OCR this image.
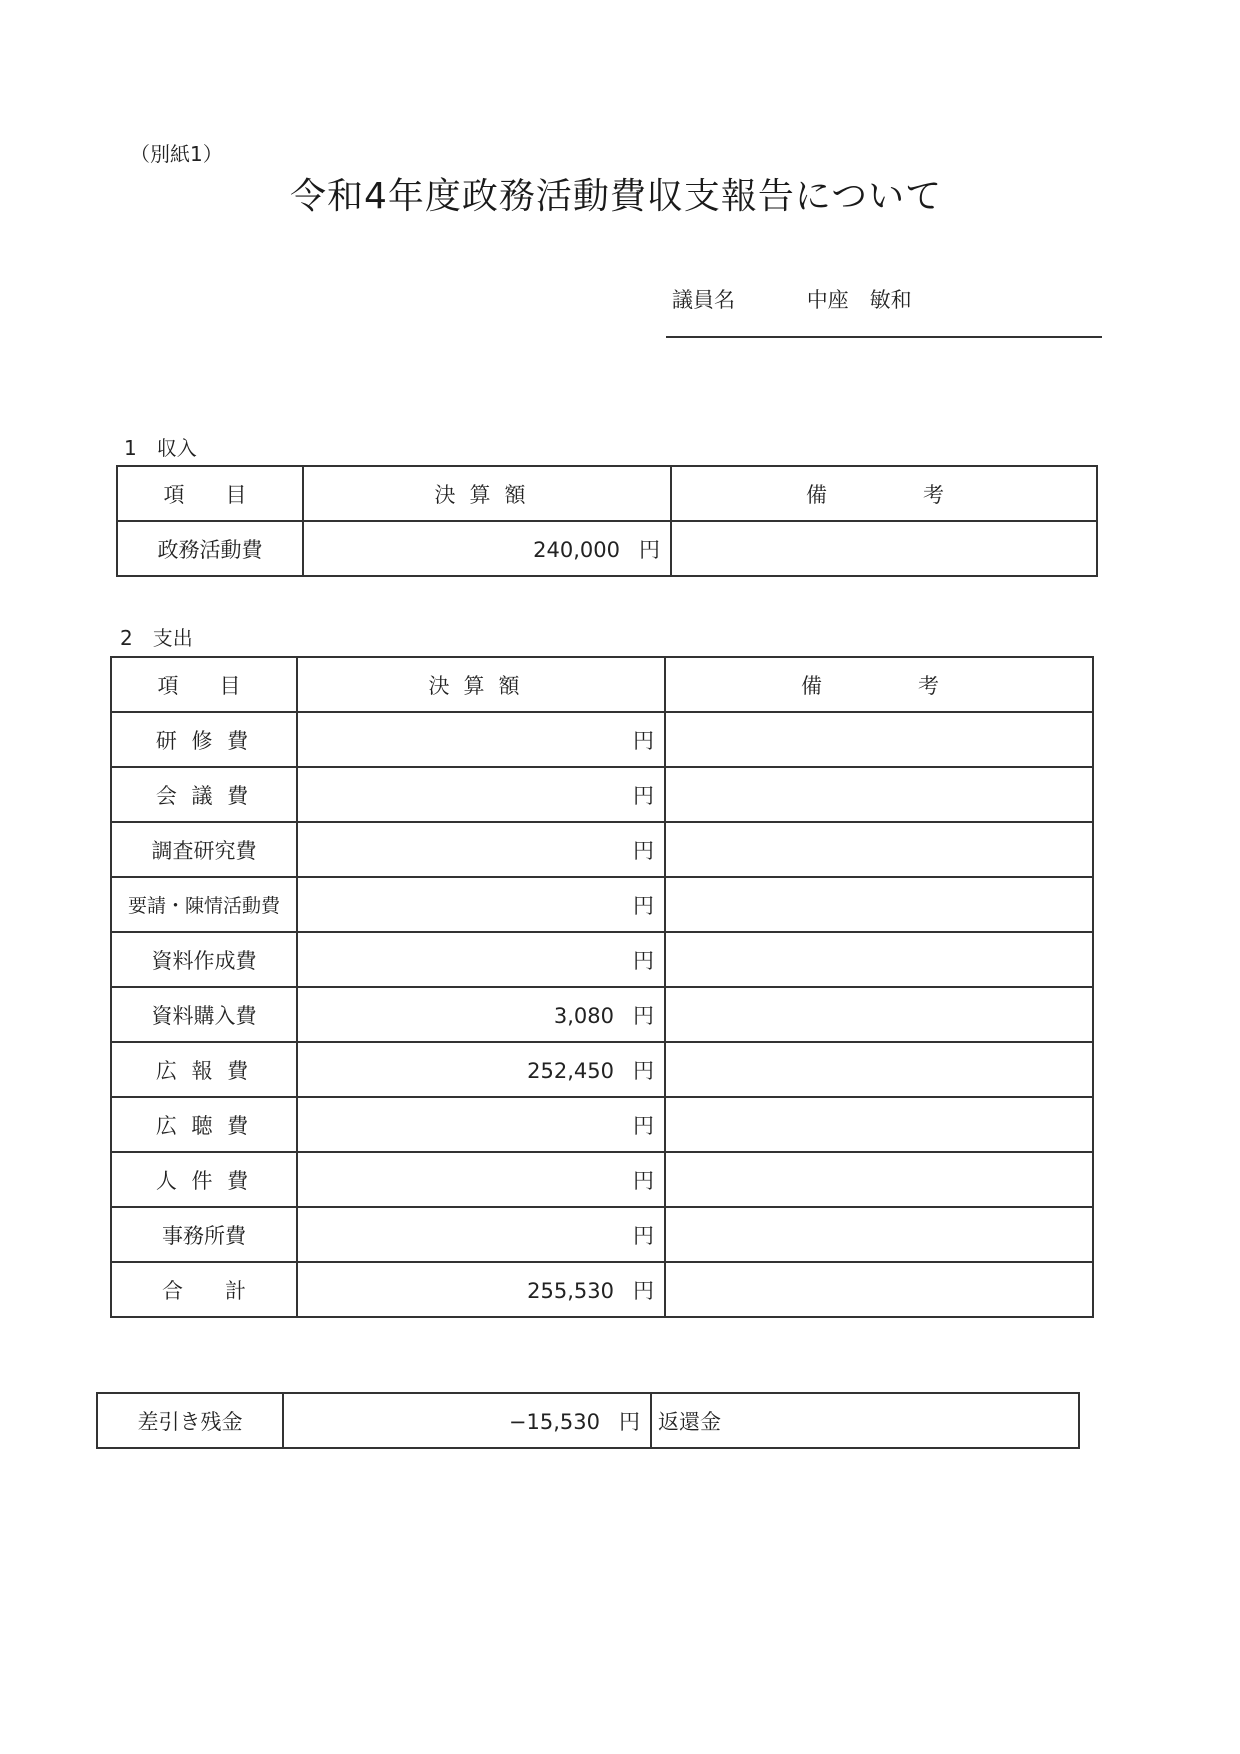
（別紙1）
令和4年度政務活動費収支報告について
議員名	中座　敏和
1　収入
項　目	決算額	備　　考
政務活動費	240,000 円	
2　支出
項　目	決算額	備　　考
研 修 費	円	
会 議 費	円	
調査研究費	円	
要請・陳情活動費	円	
資料作成費	円	
資料購入費	3,080 円	
広 報 費	252,450 円	
広 聴 費	円	
人 件 費	円	
事務所費	円	
合　　計	255,530 円	
差引き残金	−15,530 円	返還金
